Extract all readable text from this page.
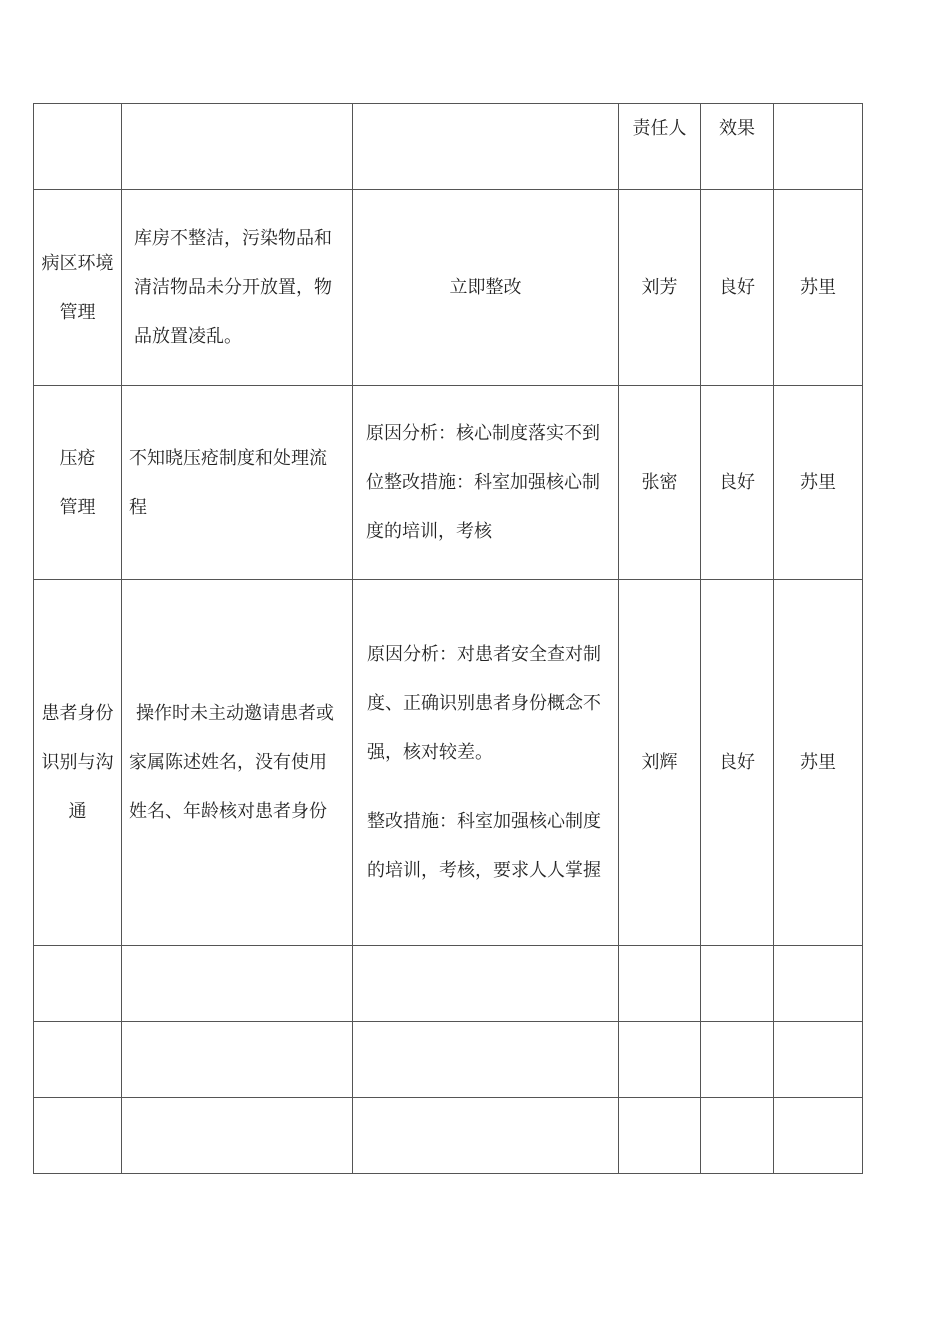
			责任人	效果	
病区环境管理	库房不整洁，污染物品和清洁物品未分开放置，物品放置凌乱。	立即整改	刘芳	良好	苏里

压疮管理	不知晓压疮制度和处理流程	原因分析：核心制度落实不到位整改措施：科室加强核心制度的培训，考核	张密	良好	苏里
患者身份识别与沟通	操作时未主动邀请患者或家属陈述姓名，没有使用姓名、年龄核对患者身份	原因分析：对患者安全查对制度、正确识别患者身份概念不强，核对较差。
整改措施：科室加强核心制度的培训，考核，要求人人掌握	刘辉	良好	苏里
